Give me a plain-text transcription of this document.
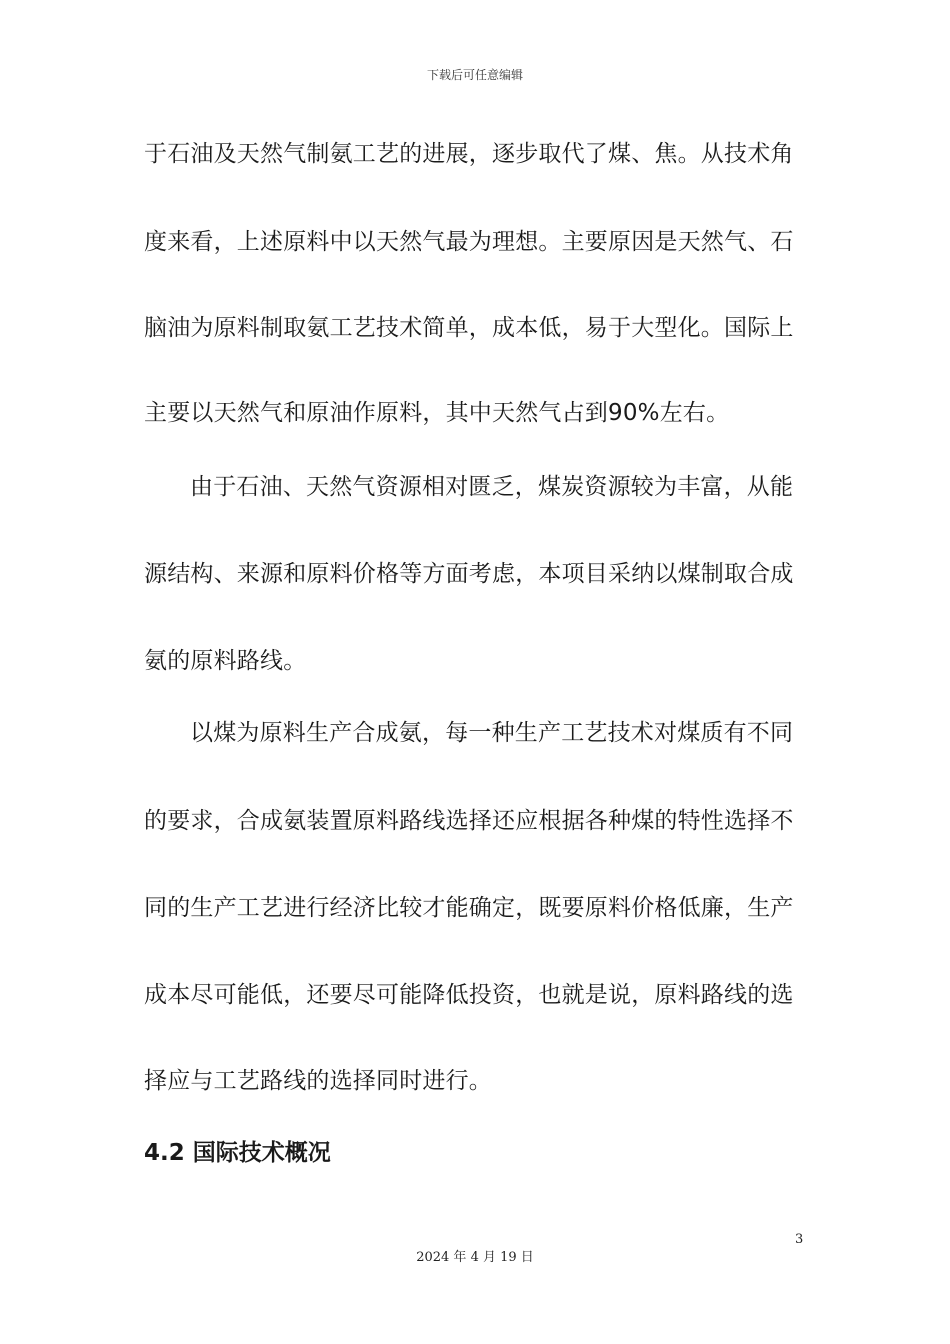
下载后可任意编辑
于石油及天然气制氨工艺的进展，逐步取代了煤、焦。从技术角
度来看，上述原料中以天然气最为理想。主要原因是天然气、石
脑油为原料制取氨工艺技术简单，成本低，易于大型化。国际上
主要以天然气和原油作原料，其中天然气占到90%左右。
由于石油、天然气资源相对匮乏，煤炭资源较为丰富，从能
源结构、来源和原料价格等方面考虑，本项目采纳以煤制取合成
氨的原料路线。
以煤为原料生产合成氨，每一种生产工艺技术对煤质有不同
的要求，合成氨装置原料路线选择还应根据各种煤的特性选择不
同的生产工艺进行经济比较才能确定，既要原料价格低廉，生产
成本尽可能低，还要尽可能降低投资，也就是说，原料路线的选
择应与工艺路线的选择同时进行。
4.2 国际技术概况
3
2024 年 4 月 19 日
